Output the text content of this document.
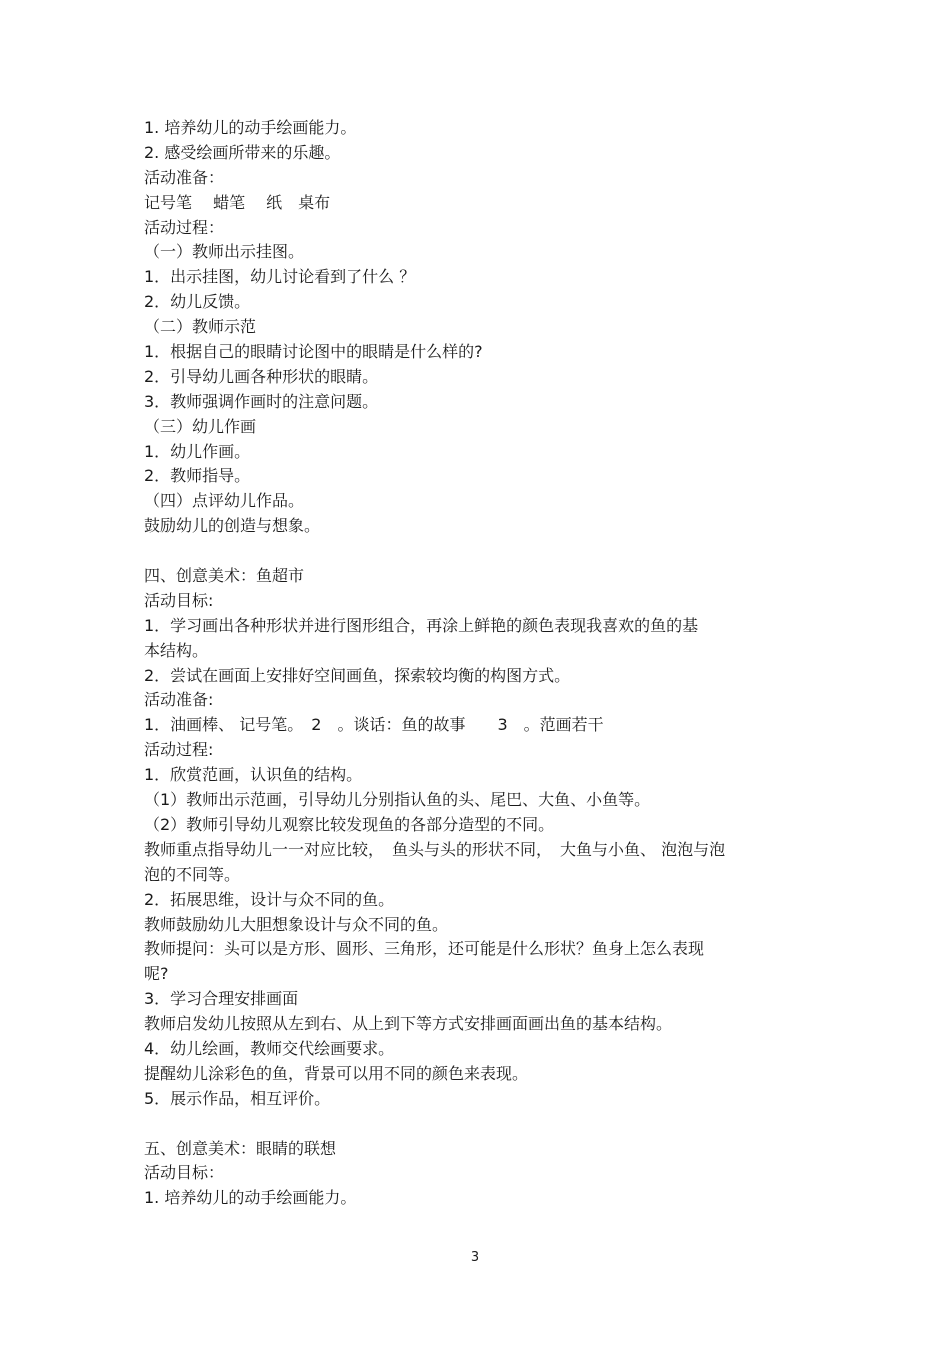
1. 培养幼儿的动手绘画能力。
2. 感受绘画所带来的乐趣。
活动准备：
记号笔　 蜡笔 　纸　桌布
活动过程：
（一）教师出示挂图。
1．出示挂图，幼儿讨论看到了什么 ？
2．幼儿反馈。
（二）教师示范
1．根据自己的眼睛讨论图中的眼睛是什么样的?
2．引导幼儿画各种形状的眼睛。
3．教师强调作画时的注意问题。
（三）幼儿作画
1．幼儿作画。
2．教师指导。
（四）点评幼儿作品。
鼓励幼儿的创造与想象。
四、创意美术：鱼超市
活动目标:
1．学习画出各种形状并进行图形组合，再涂上鲜艳的颜色表现我喜欢的鱼的基
本结构。
2．尝试在画面上安排好空间画鱼，探索较均衡的构图方式。
活动准备:
1．油画棒、 记号笔。　2　。谈话：鱼的故事　　3　。范画若干
活动过程:
1．欣赏范画，认识鱼的结构。
（1）教师出示范画，引导幼儿分别指认鱼的头、尾巴、大鱼、小鱼等。
（2）教师引导幼儿观察比较发现鱼的各部分造型的不同。
教师重点指导幼儿一一对应比较，　鱼头与头的形状不同，　大鱼与小鱼、 泡泡与泡
泡的不同等。
2．拓展思维，设计与众不同的鱼。
教师鼓励幼儿大胆想象设计与众不同的鱼。
教师提问：头可以是方形、圆形、三角形，还可能是什么形状？鱼身上怎么表现
呢?
3．学习合理安排画面
教师启发幼儿按照从左到右、从上到下等方式安排画面画出鱼的基本结构。
4．幼儿绘画，教师交代绘画要求。
提醒幼儿涂彩色的鱼，背景可以用不同的颜色来表现。
5．展示作品，相互评价。
五、创意美术：眼睛的联想
活动目标：
1. 培养幼儿的动手绘画能力。
3
